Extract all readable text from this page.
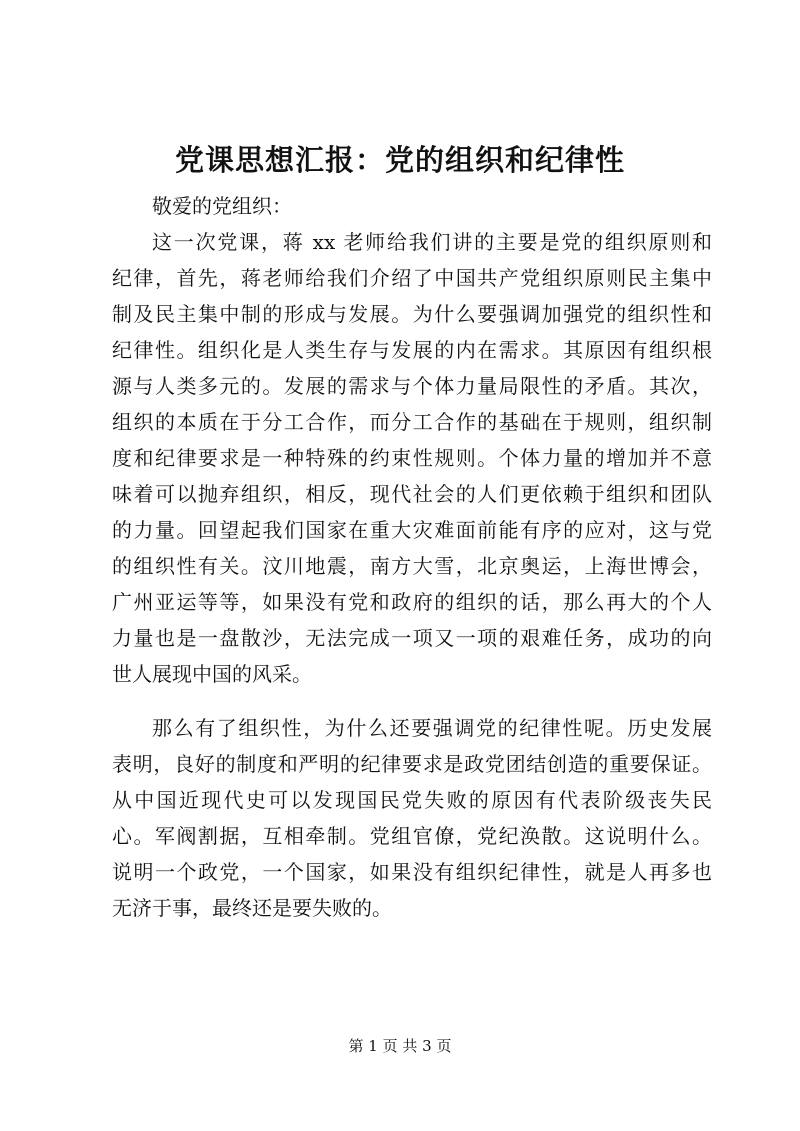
党课思想汇报：党的组织和纪律性
敬爱的党组织：
这一次党课，蒋 xx 老师给我们讲的主要是党的组织原则和
纪律，首先，蒋老师给我们介绍了中国共产党组织原则民主集中
制及民主集中制的形成与发展。为什么要强调加强党的组织性和
纪律性。组织化是人类生存与发展的内在需求。其原因有组织根
源与人类多元的。发展的需求与个体力量局限性的矛盾。其次，
组织的本质在于分工合作，而分工合作的基础在于规则，组织制
度和纪律要求是一种特殊的约束性规则。个体力量的增加并不意
味着可以抛弃组织，相反，现代社会的人们更依赖于组织和团队
的力量。回望起我们国家在重大灾难面前能有序的应对，这与党
的组织性有关。汶川地震，南方大雪，北京奥运，上海世博会，
广州亚运等等，如果没有党和政府的组织的话，那么再大的个人
力量也是一盘散沙，无法完成一项又一项的艰难任务，成功的向
世人展现中国的风采。
那么有了组织性，为什么还要强调党的纪律性呢。历史发展
表明，良好的制度和严明的纪律要求是政党团结创造的重要保证。
从中国近现代史可以发现国民党失败的原因有代表阶级丧失民
心。军阀割据，互相牵制。党组官僚，党纪涣散。这说明什么。
说明一个政党，一个国家，如果没有组织纪律性，就是人再多也
无济于事，最终还是要失败的。
第 1 页 共 3 页
